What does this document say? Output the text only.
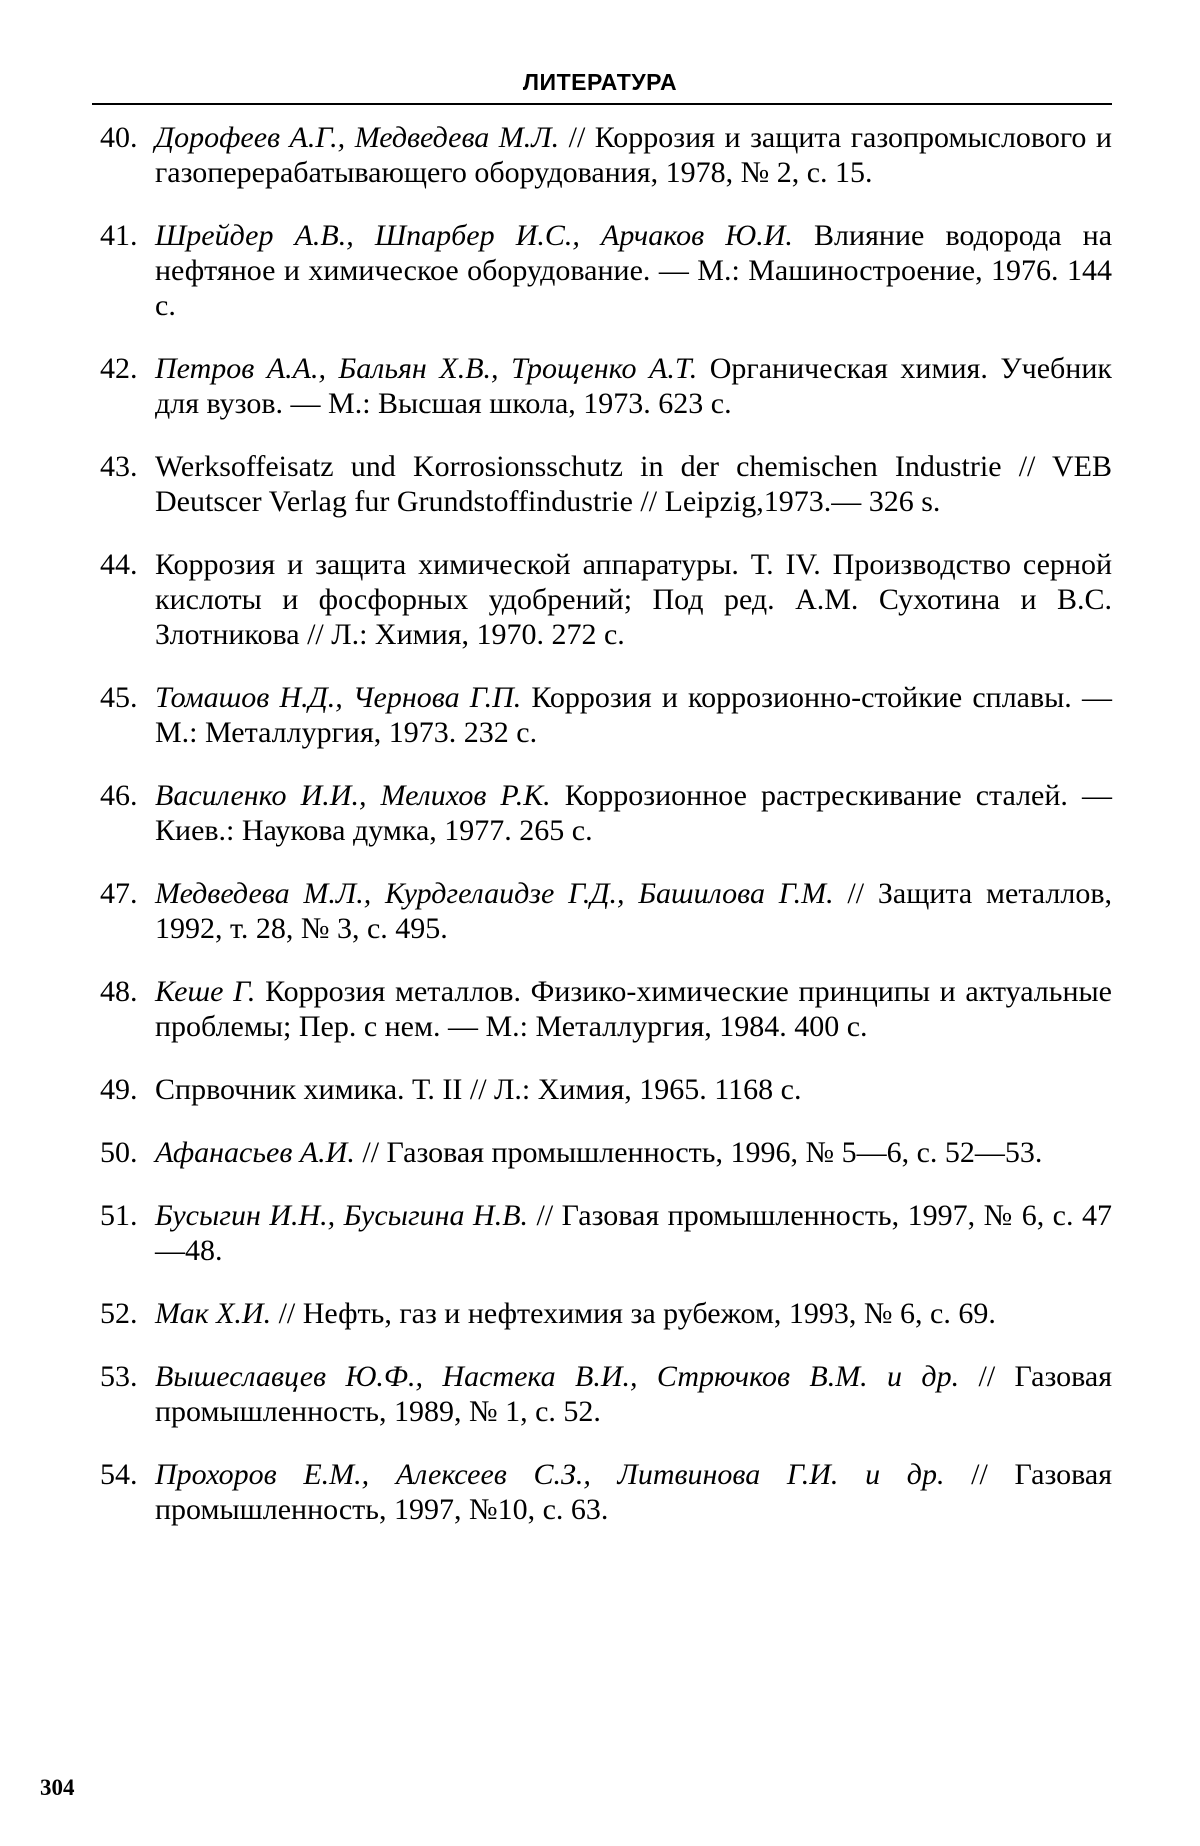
ЛИТЕРАТУРА
40. Дорофеев А.Г., Медведева М.Л. // Коррозия и защита газопромыслового и газоперерабатывающего оборудования, 1978, № 2, с. 15.
41. Шрейдер А.В., Шпарбер И.С., Арчаков Ю.И. Влияние водорода на нефтяное и химическое оборудование. — М.: Машиностроение, 1976. 144 с.
42. Петров А.А., Бальян Х.В., Трощенко А.Т. Органическая химия. Учебник для вузов. — М.: Высшая школа, 1973. 623 с.
43. Werksoffeisatz und Korrosionsschutz in der chemischen Industrie // VEB Deutscer Verlag fur Grundstoffindustrie // Leipzig,1973.— 326 s.
44. Коррозия и защита химической аппаратуры. Т. IV. Производство серной кислоты и фосфорных удобрений; Под ред. А.М. Сухотина и В.С. Злотникова // Л.: Химия, 1970. 272 с.
45. Томашов Н.Д., Чернова Г.П. Коррозия и коррозионно-стойкие сплавы. — М.: Металлургия, 1973. 232 с.
46. Василенко И.И., Мелихов Р.К. Коррозионное растрескивание сталей. — Киев.: Наукова думка, 1977. 265 с.
47. Медведева М.Л., Курдгелаидзе Г.Д., Башилова Г.М. // Защита металлов, 1992, т. 28, № 3, с. 495.
48. Кеше Г. Коррозия металлов. Физико-химические принципы и актуальные проблемы; Пер. с нем. — М.: Металлургия, 1984. 400 с.
49. Спрвочник химика. Т. II // Л.: Химия, 1965. 1168 с.
50. Афанасьев А.И. // Газовая промышленность, 1996, № 5—6, с. 52—53.
51. Бусыгин И.Н., Бусыгина Н.В. // Газовая промышленность, 1997, № 6, с. 47—48.
52. Мак Х.И. // Нефть, газ и нефтехимия за рубежом, 1993, № 6, с. 69.
53. Вышеславцев Ю.Ф., Настека В.И., Стрючков В.М. и др. // Газовая промышленность, 1989, № 1, с. 52.
54. Прохоров Е.М., Алексеев С.З., Литвинова Г.И. и др. // Газовая промышленность, 1997, №10, с. 63.
304
